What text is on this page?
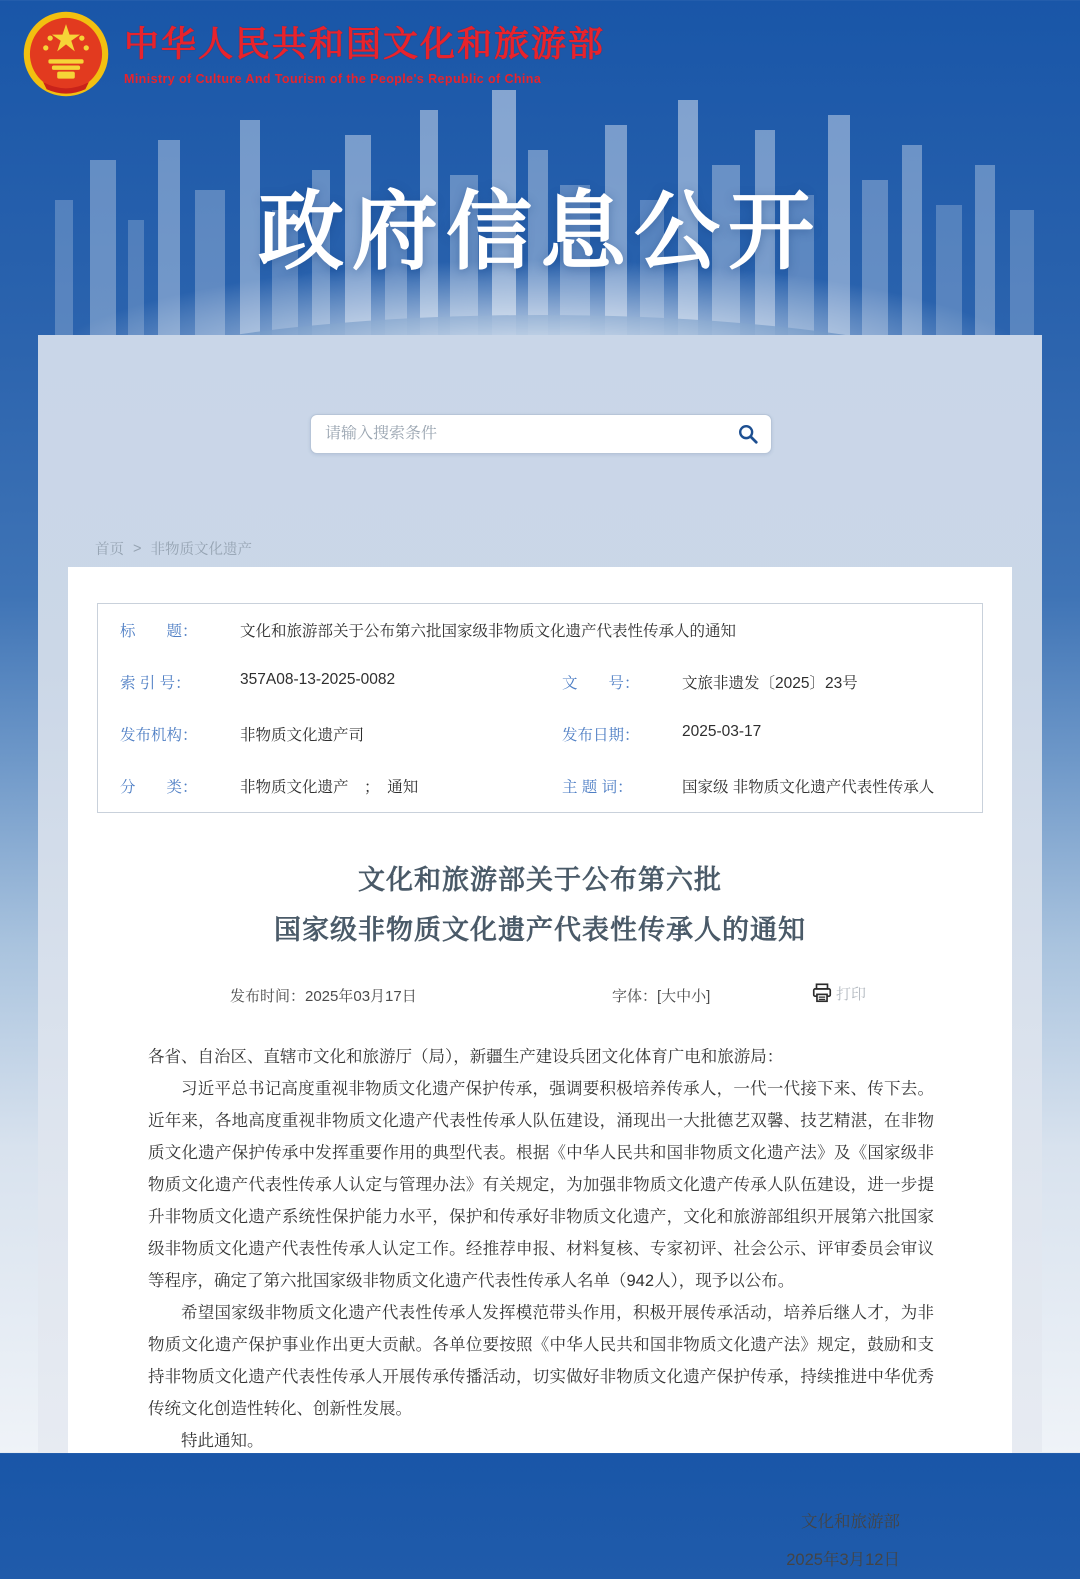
中华人民共和国文化和旅游部
Ministry of Culture And Tourism of the People's Republic of China
政府信息公开
请输入搜索条件
首页 > 非物质文化遗产
标　　题：	文化和旅游部关于公布第六批国家级非物质文化遗产代表性传承人的通知
索 引 号：	357A08-13-2025-0082	文　　号：	文旅非遗发〔2025〕23号
发布机构：	非物质文化遗产司	发布日期：	2025-03-17
分　　类：	非物质文化遗产　；　通知	主 题 词：	国家级 非物质文化遗产代表性传承人
文化和旅游部关于公布第六批
国家级非物质文化遗产代表性传承人的通知
发布时间：2025年03月17日	字体：[大中小]	打印

各省、自治区、直辖市文化和旅游厅（局），新疆生产建设兵团文化体育广电和旅游局：

习近平总书记高度重视非物质文化遗产保护传承，强调要积极培养传承人，一代一代接下来、传下去。近年来，各地高度重视非物质文化遗产代表性传承人队伍建设，涌现出一大批德艺双馨、技艺精湛，在非物质文化遗产保护传承中发挥重要作用的典型代表。根据《中华人民共和国非物质文化遗产法》及《国家级非物质文化遗产代表性传承人认定与管理办法》有关规定，为加强非物质文化遗产传承人队伍建设，进一步提升非物质文化遗产系统性保护能力水平，保护和传承好非物质文化遗产，文化和旅游部组织开展第六批国家级非物质文化遗产代表性传承人认定工作。经推荐申报、材料复核、专家初评、社会公示、评审委员会审议等程序，确定了第六批国家级非物质文化遗产代表性传承人名单（942人），现予以公布。

希望国家级非物质文化遗产代表性传承人发挥模范带头作用，积极开展传承活动，培养后继人才，为非物质文化遗产保护事业作出更大贡献。各单位要按照《中华人民共和国非物质文化遗产法》规定，鼓励和支持非物质文化遗产代表性传承人开展传承传播活动，切实做好非物质文化遗产保护传承，持续推进中华优秀传统文化创造性转化、创新性发展。

特此通知。

文化和旅游部
2025年3月12日
